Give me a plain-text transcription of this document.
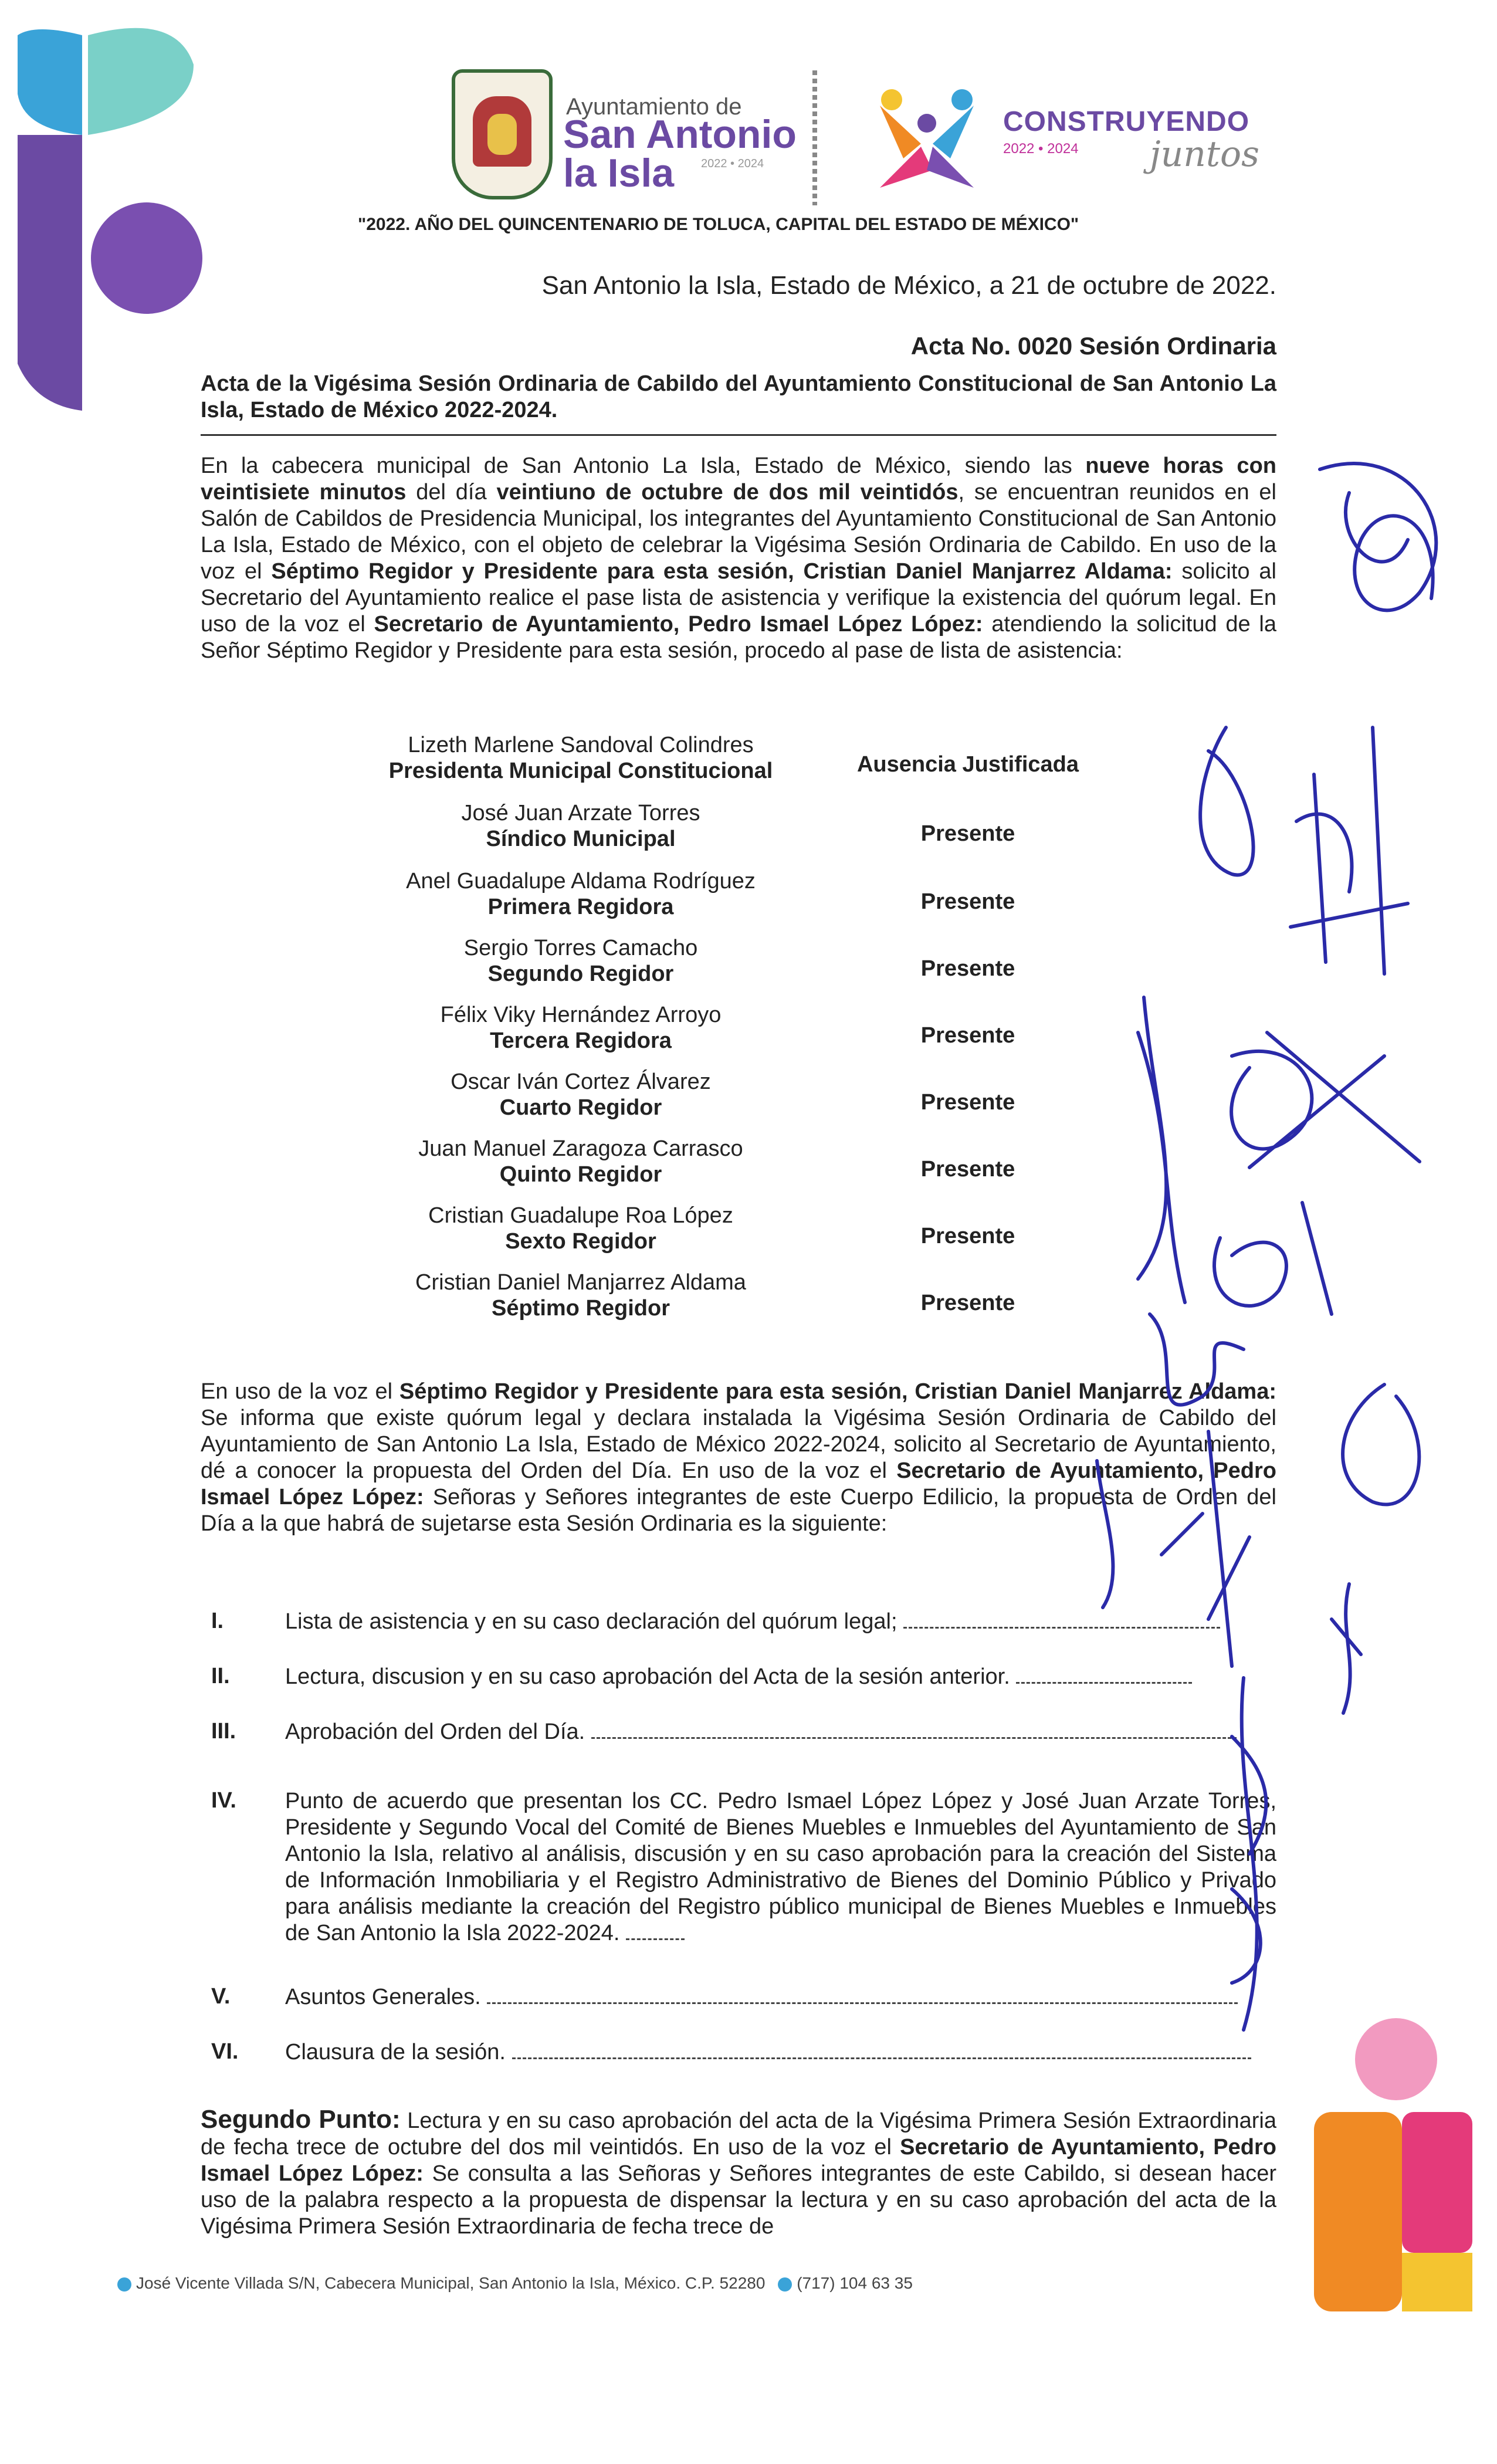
Ayuntamiento de
San Antonio
la Isla	2022 • 2024
CONSTRUYENDO
2022 • 2024 juntos
"2022. AÑO DEL QUINCENTENARIO DE TOLUCA, CAPITAL DEL ESTADO DE MÉXICO"
San Antonio la Isla, Estado de México, a 21 de octubre de 2022.
Acta No. 0020 Sesión Ordinaria
Acta de la Vigésima Sesión Ordinaria de Cabildo del Ayuntamiento Constitucional de San Antonio La Isla, Estado de México 2022-2024.
En la cabecera municipal de San Antonio La Isla, Estado de México, siendo las nueve horas con veintisiete minutos del día veintiuno de octubre de dos mil veintidós, se encuentran reunidos en el Salón de Cabildos de Presidencia Municipal, los integrantes del Ayuntamiento Constitucional de San Antonio La Isla, Estado de México, con el objeto de celebrar la Vigésima Sesión Ordinaria de Cabildo. En uso de la voz el Séptimo Regidor y Presidente para esta sesión, Cristian Daniel Manjarrez Aldama: solicito al Secretario del Ayuntamiento realice el pase lista de asistencia y verifique la existencia del quórum legal. En uso de la voz el Secretario de Ayuntamiento, Pedro Ismael López López: atendiendo la solicitud de la Señor Séptimo Regidor y Presidente para esta sesión, procedo al pase de lista de asistencia:
Lizeth Marlene Sandoval Colindres
Presidenta Municipal Constitucional	Ausencia Justificada
José Juan Arzate Torres
Síndico Municipal	Presente
Anel Guadalupe Aldama Rodríguez
Primera Regidora	Presente
Sergio Torres Camacho
Segundo Regidor	Presente
Félix Viky Hernández Arroyo
Tercera Regidora	Presente
Oscar Iván Cortez Álvarez
Cuarto Regidor	Presente
Juan Manuel Zaragoza Carrasco
Quinto Regidor	Presente
Cristian Guadalupe Roa López
Sexto Regidor	Presente
Cristian Daniel Manjarrez Aldama
Séptimo Regidor	Presente
En uso de la voz el Séptimo Regidor y Presidente para esta sesión, Cristian Daniel Manjarrez Aldama: Se informa que existe quórum legal y declara instalada la Vigésima Sesión Ordinaria de Cabildo del Ayuntamiento de San Antonio La Isla, Estado de México 2022-2024, solicito al Secretario de Ayuntamiento, dé a conocer la propuesta del Orden del Día. En uso de la voz el Secretario de Ayuntamiento, Pedro Ismael López López: Señoras y Señores integrantes de este Cuerpo Edilicio, la propuesta de Orden del Día a la que habrá de sujetarse esta Sesión Ordinaria es la siguiente:
I.	Lista de asistencia y en su caso declaración del quórum legal;
II.	Lectura, discusion y en su caso aprobación del Acta de la sesión anterior.
III.	Aprobación del Orden del Día.
IV.	Punto de acuerdo que presentan los CC. Pedro Ismael López López y José Juan Arzate Torres, Presidente y Segundo Vocal del Comité de Bienes Muebles e Inmuebles del Ayuntamiento de San Antonio la Isla, relativo al análisis, discusión y en su caso aprobación para la creación del Sistema de Información Inmobiliaria y el Registro Administrativo de Bienes del Dominio Público y Privado para análisis mediante la creación del Registro público municipal de Bienes Muebles e Inmuebles de San Antonio la Isla 2022-2024.
V.	Asuntos Generales.
VI.	Clausura de la sesión.
Segundo Punto: Lectura y en su caso aprobación del acta de la Vigésima Primera Sesión Extraordinaria de fecha trece de octubre del dos mil veintidós. En uso de la voz el Secretario de Ayuntamiento, Pedro Ismael López López: Se consulta a las Señoras y Señores integrantes de este Cabildo, si desean hacer uso de la palabra respecto a la propuesta de dispensar la lectura y en su caso aprobación del acta de la Vigésima Primera Sesión Extraordinaria de fecha trece de
José Vicente Villada S/N, Cabecera Municipal, San Antonio la Isla, México. C.P. 52280 (717) 104 63 35
